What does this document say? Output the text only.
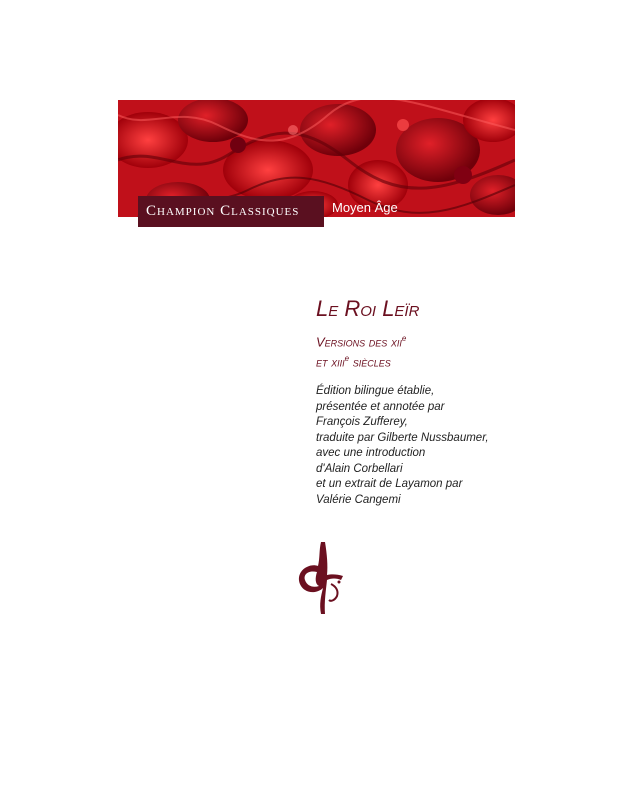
Champion Classiques	Moyen Âge
Le Roi Leïr
Versions des xii$^e$
et xiii$^e$ siècles
Édition bilingue établie,
présentée et annotée par
François Zufferey,
traduite par Gilberte Nussbaumer,
avec une introduction
d'Alain Corbellari
et un extrait de Layamon par
Valérie Cangemi
